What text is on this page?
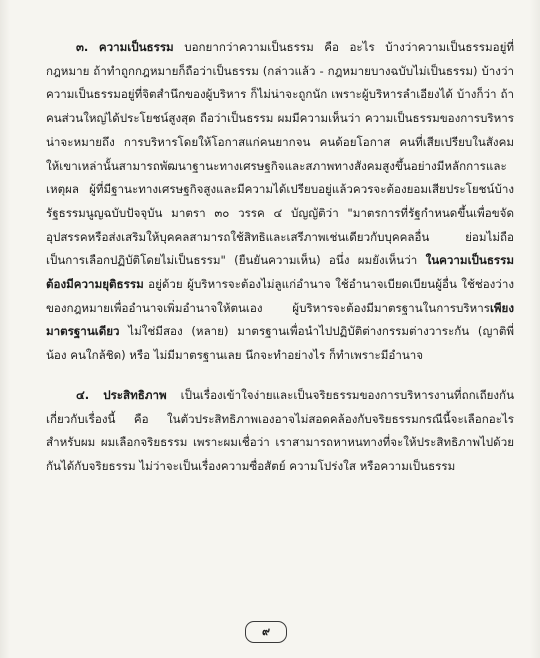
๓. ความเป็นธรรม บอกยากว่าความเป็นธรรม คือ อะไร บ้างว่าความเป็นธรรมอยู่ที่กฎหมาย ถ้าทำถูกกฎหมายก็ถือว่าเป็นธรรม (กล่าวแล้ว - กฎหมายบางฉบับไม่เป็นธรรม) บ้างว่า ความเป็นธรรมอยู่ที่จิตสำนึกของผู้บริหาร ก็ไม่น่าจะถูกนัก เพราะผู้บริหารลำเอียงได้ บ้างก็ว่า ถ้าคนส่วนใหญ่ได้ประโยชน์สูงสุด ถือว่าเป็นธรรม ผมมีความเห็นว่า ความเป็นธรรมของการบริหาร น่าจะหมายถึง การบริหารโดยให้โอกาสแก่คนยากจน คนด้อยโอกาส คนที่เสียเปรียบในสังคม ให้เขาเหล่านั้นสามารถพัฒนาฐานะทางเศรษฐกิจและสภาพทางสังคมสูงขึ้นอย่างมีหลักการและเหตุผล ผู้ที่มีฐานะทางเศรษฐกิจสูงและมีความได้เปรียบอยู่แล้วควรจะต้องยอมเสียประโยชน์บ้าง รัฐธรรมนูญฉบับปัจจุบัน มาตรา ๓๐ วรรค ๔ บัญญัติว่า "มาตรการที่รัฐกำหนดขึ้นเพื่อขจัดอุปสรรคหรือส่งเสริมให้บุคคลสามารถใช้สิทธิและเสรีภาพเช่นเดียวกับบุคคลอื่น ย่อมไม่ถือเป็นการเลือกปฏิบัติโดยไม่เป็นธรรม" (ยืนยันความเห็น) อนึ่ง ผมยังเห็นว่า ในความเป็นธรรมต้องมีความยุติธรรม อยู่ด้วย ผู้บริหารจะต้องไม่ลูแก่อำนาจ ใช้อำนาจเบียดเบียนผู้อื่น ใช้ช่องว่างของกฎหมายเพื่ออำนาจเพิ่มอำนาจให้ตนเอง ผู้บริหารจะต้องมีมาตรฐานในการบริหารเพียงมาตรฐานเดียว ไม่ใช่มีสอง (หลาย) มาตรฐานเพื่อนำไปปฏิบัติต่างกรรมต่างวาระกัน (ญาติพี่น้อง คนใกล้ชิด) หรือ ไม่มีมาตรฐานเลย นึกจะทำอย่างไร ก็ทำเพราะมีอำนาจ

๔. ประสิทธิภาพ เป็นเรื่องเข้าใจง่ายและเป็นจริยธรรมของการบริหารงานที่ถกเถียงกันเกี่ยวกับเรื่องนี้ คือ ในตัวประสิทธิภาพเองอาจไม่สอดคล้องกับจริยธรรมกรณีนี้จะเลือกอะไร สำหรับผม ผมเลือกจริยธรรม เพราะผมเชื่อว่า เราสามารถหาหนทางที่จะให้ประสิทธิภาพไปด้วยกันได้กับจริยธรรม ไม่ว่าจะเป็นเรื่องความซื่อสัตย์ ความโปร่งใส หรือความเป็นธรรม

๙
